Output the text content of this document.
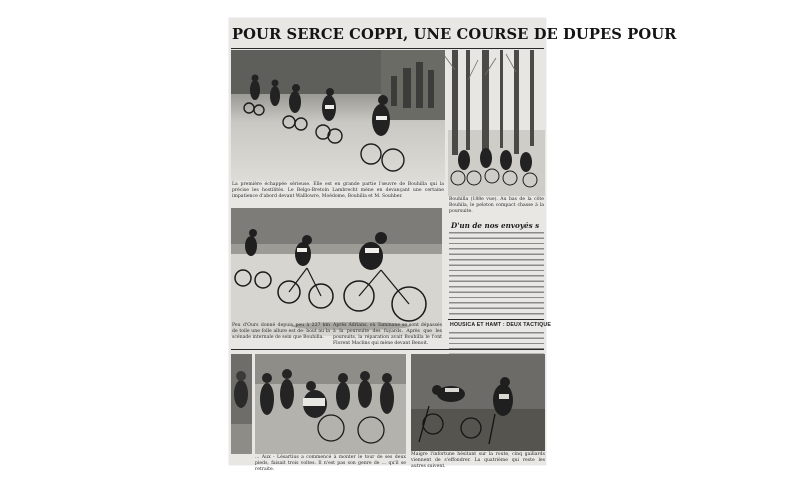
POUR SERCE COPPI, UNE COURSE DE DUPES POUR
La première échappée sérieuse. Elle est en grande partie l'œuvre de Bouhilla qui la précise les hostilités. Le Belgo-Bretoin Lambrecht mène en devançant une certaine impatience d'abord devant Walllowre, Moëdome, Bouhilla et M. Souhber.
Bouhilla (188e vue). Au bas de la côte Bouhila, le peloton compact chasse à la poursuite.
D'un de nos envoyés s
Peu d'Ours donné depuis peu à 227 km de toile une folle allure est de- bout au la scénade internale de sein que Bouhilla.
Après Adrians, où Taminane se sont dépassés à la poursuite des fuyards. Après que les poursuits, la réparation avait Bouhilla le l'ont Florent Maclins qui mène devant Benoit.
HOUSICA ET HAMT : DEUX TACTIQUE
... Aux - Lésartius a commencé à monter le tour de ses deux pieds, faisait trois voltes. Il n'est pas son genre de ... qu'il se retraite.
Maigre l'infortune hésitant sur la route, cinq gaillards viennent de s'effondrer. La quatrième qui reste les autres suivent.
